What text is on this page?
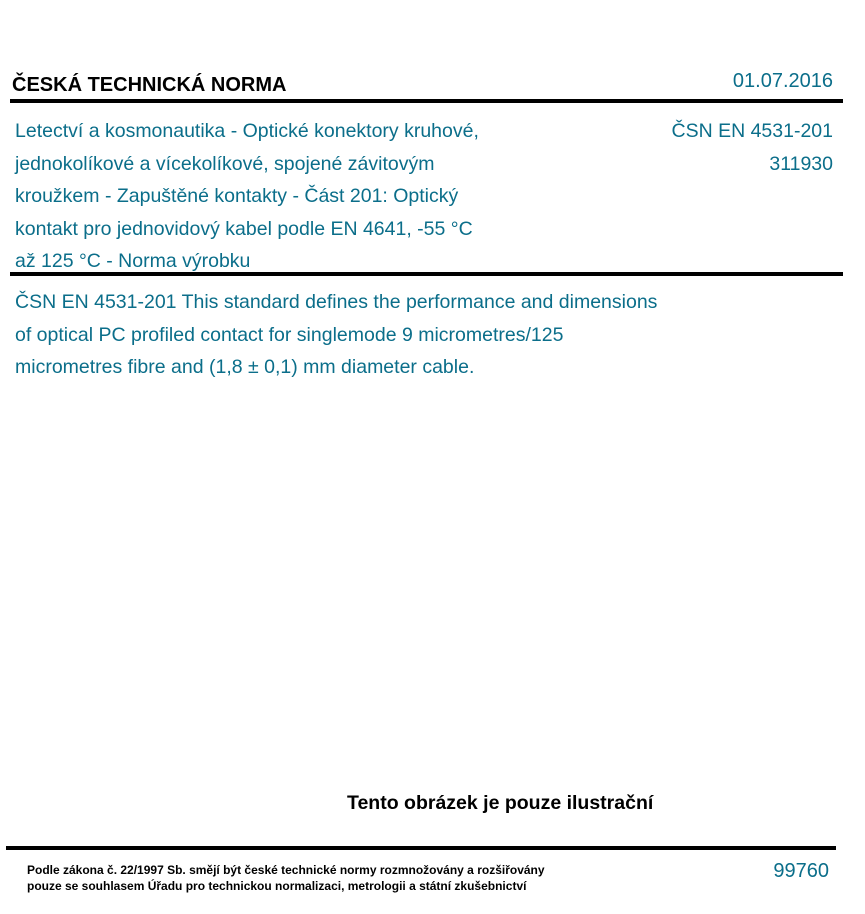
ČESKÁ TECHNICKÁ NORMA	01.07.2016
Letectví a kosmonautika - Optické konektory kruhové,
jednokolíkové a vícekolíkové, spojené závitovým
kroužkem - Zapuštěné kontakty - Část 201: Optický
kontakt pro jednovidový kabel podle EN 4641, -55 °C
až 125 °C - Norma výrobku
ČSN EN 4531-201
311930
ČSN EN 4531-201 This standard defines the performance and dimensions
of optical PC profiled contact for singlemode 9 micrometres/125
micrometres fibre and (1,8 ± 0,1) mm diameter cable.
Tento obrázek je pouze ilustrační
Podle zákona č. 22/1997 Sb. smějí být české technické normy rozmnožovány a rozšiřovány
pouze se souhlasem Úřadu pro technickou normalizaci, metrologii a státní zkušebnictví
99760
